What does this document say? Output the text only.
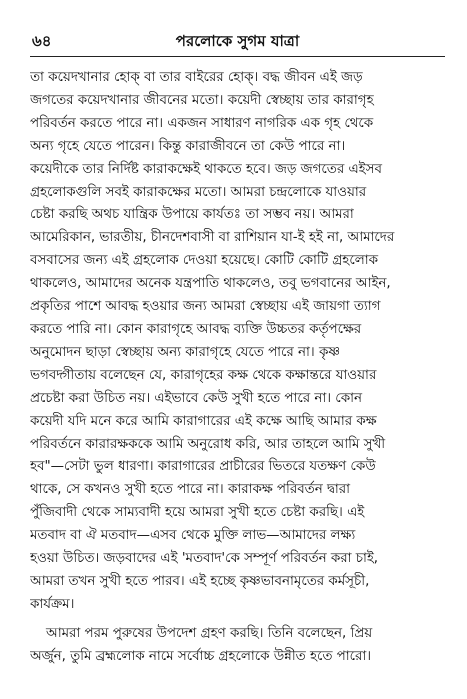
৬৪	পরলোকে সুগম যাত্রা
তা কয়েদখানার হোক্‌ বা তার বাইরের হোক্‌। বদ্ধ জীবন এই জড়
জগতের কয়েদখানার জীবনের মতো। কয়েদী স্বেচ্ছায় তার কারাগৃহ
পরিবর্তন করতে পারে না। একজন সাধারণ নাগরিক এক গৃহ থেকে
অন্য গৃহে যেতে পারেন। কিন্তু কারাজীবনে তা কেউ পারে না।
কয়েদীকে তার নির্দিষ্ট কারাকক্ষেই থাকতে হবে। জড় জগতের এইসব
গ্রহলোকগুলি সবই কারাকক্ষের মতো। আমরা চন্দ্রলোকে যাওয়ার
চেষ্টা করছি অথচ যান্ত্রিক উপায়ে কার্যতঃ তা সম্ভব নয়। আমরা
আমেরিকান, ভারতীয়, চীনদেশবাসী বা রাশিয়ান যা-ই হই না, আমাদের
বসবাসের জন্য এই গ্রহলোক দেওয়া হয়েছে। কোটি কোটি গ্রহলোক
থাকলেও, আমাদের অনেক যন্ত্রপাতি থাকলেও, তবু ভগবানের আইন,
প্রকৃতির পাশে আবদ্ধ হওয়ার জন্য আমরা স্বেচ্ছায় এই জায়গা ত্যাগ
করতে পারি না। কোন কারাগৃহে আবদ্ধ ব্যক্তি উচ্চতর কর্তৃপক্ষের
অনুমোদন ছাড়া স্বেচ্ছায় অন্য কারাগৃহে যেতে পারে না। কৃষ্ণ
ভগবদ্গীতায় বলেছেন যে, কারাগৃহের কক্ষ থেকে কক্ষান্তরে যাওয়ার
প্রচেষ্টা করা উচিত নয়। এইভাবে কেউ সুখী হতে পারে না। কোন
কয়েদী যদি মনে করে আমি কারাগারের এই কক্ষে আছি আমার কক্ষ
পরিবর্তনে কারারক্ষককে আমি অনুরোধ করি, আর তাহলে আমি সুখী
হব"—সেটা ভুল ধারণা। কারাগারের প্রাচীরের ভিতরে যতক্ষণ কেউ
থাকে, সে কখনও সুখী হতে পারে না। কারাকক্ষ পরিবর্তন দ্বারা
পুঁজিবাদী থেকে সাম্যবাদী হয়ে আমরা সুখী হতে চেষ্টা করছি। এই
মতবাদ বা ঐ মতবাদ—এসব থেকে মুক্তি লাভ—আমাদের লক্ষ্য
হওয়া উচিত। জড়বাদের এই 'মতবাদ'কে সম্পূর্ণ পরিবর্তন করা চাই,
আমরা তখন সুখী হতে পারব। এই হচ্ছে কৃষ্ণভাবনামৃতের কর্মসূচী,
কার্যক্রম।
আমরা পরম পুরুষের উপদেশ গ্রহণ করছি। তিনি বলেছেন, প্রিয়
অর্জুন, তুমি ব্রহ্মলোক নামে সর্বোচ্চ গ্রহলোকে উন্নীত হতে পারো।
